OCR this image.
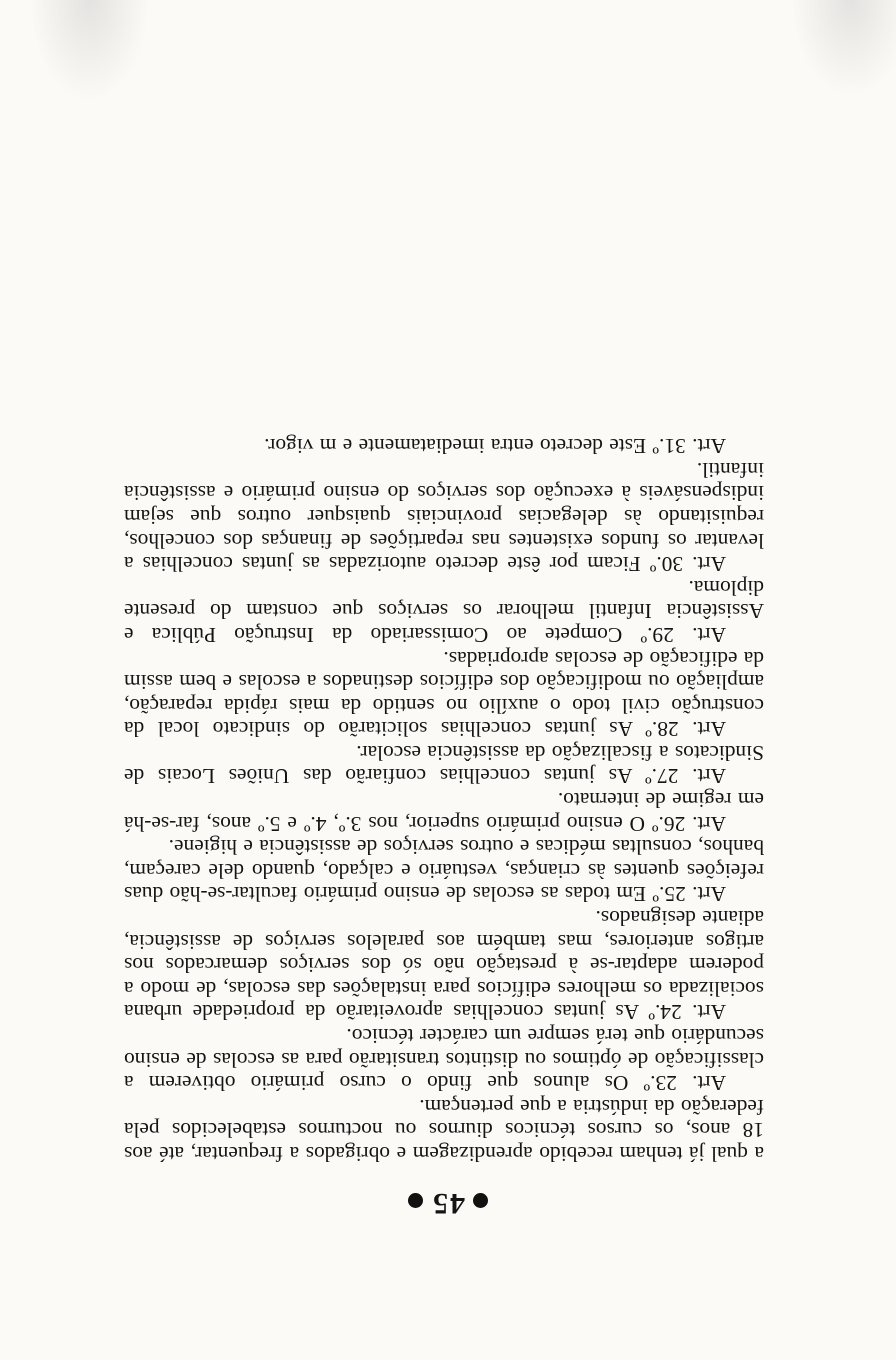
45

a qual já tenham recebido aprendizagem e obrigados a frequentar, até aos 18 anos, os cursos técnicos diurnos ou nocturnos estabelecidos pela federação da indústria a que pertençam.

Art. 23.º Os alunos que findo o curso primário obtiverem a classificação de óptimos ou distintos transitarão para as escolas de ensino secundário que terá sempre um carácter técnico.

Art. 24.º As juntas concelhias aproveitarão da propriedade urbana socializada os melhores edifícios para instalações das escolas, de modo a poderem adaptar-se à prestação não só dos serviços demarcados nos artigos anteriores, mas também aos paralelos serviços de assistência, adiante designados.

Art. 25.º Em todas as escolas de ensino primário facultar-se-hão duas refeições quentes às crianças, vestuário e calçado, quando dele careçam, banhos, consultas médicas e outros serviços de assistência e higiene.

Art. 26.º O ensino primário superior, nos 3.º, 4.º e 5.º anos, far-se-há em regime de internato.

Art. 27.º As juntas concelhias confiarão das Uniões Locais de Sindicatos a fiscalização da assistência escolar.

Art. 28.º As juntas concelhias solicitarão do sindicato local da construção civil todo o auxílio no sentido da mais rápida reparação, ampliação ou modificação dos edifícios destinados a escolas e bem assim da edificação de escolas apropriadas.

Art. 29.º Compete ao Comissariado da Instrução Pública e Assistência Infantil melhorar os serviços que constam do presente diploma.

Art. 30.º Ficam por êste decreto autorizadas as juntas concelhias a levantar os fundos existentes nas repartições de finanças dos concelhos, requisitando às delegacias provinciais quaisquer outros que sejam indispensáveis à execução dos serviços do ensino primário e assistência infantil.

Art. 31.º Este decreto entra imediatamente e m vigor.
